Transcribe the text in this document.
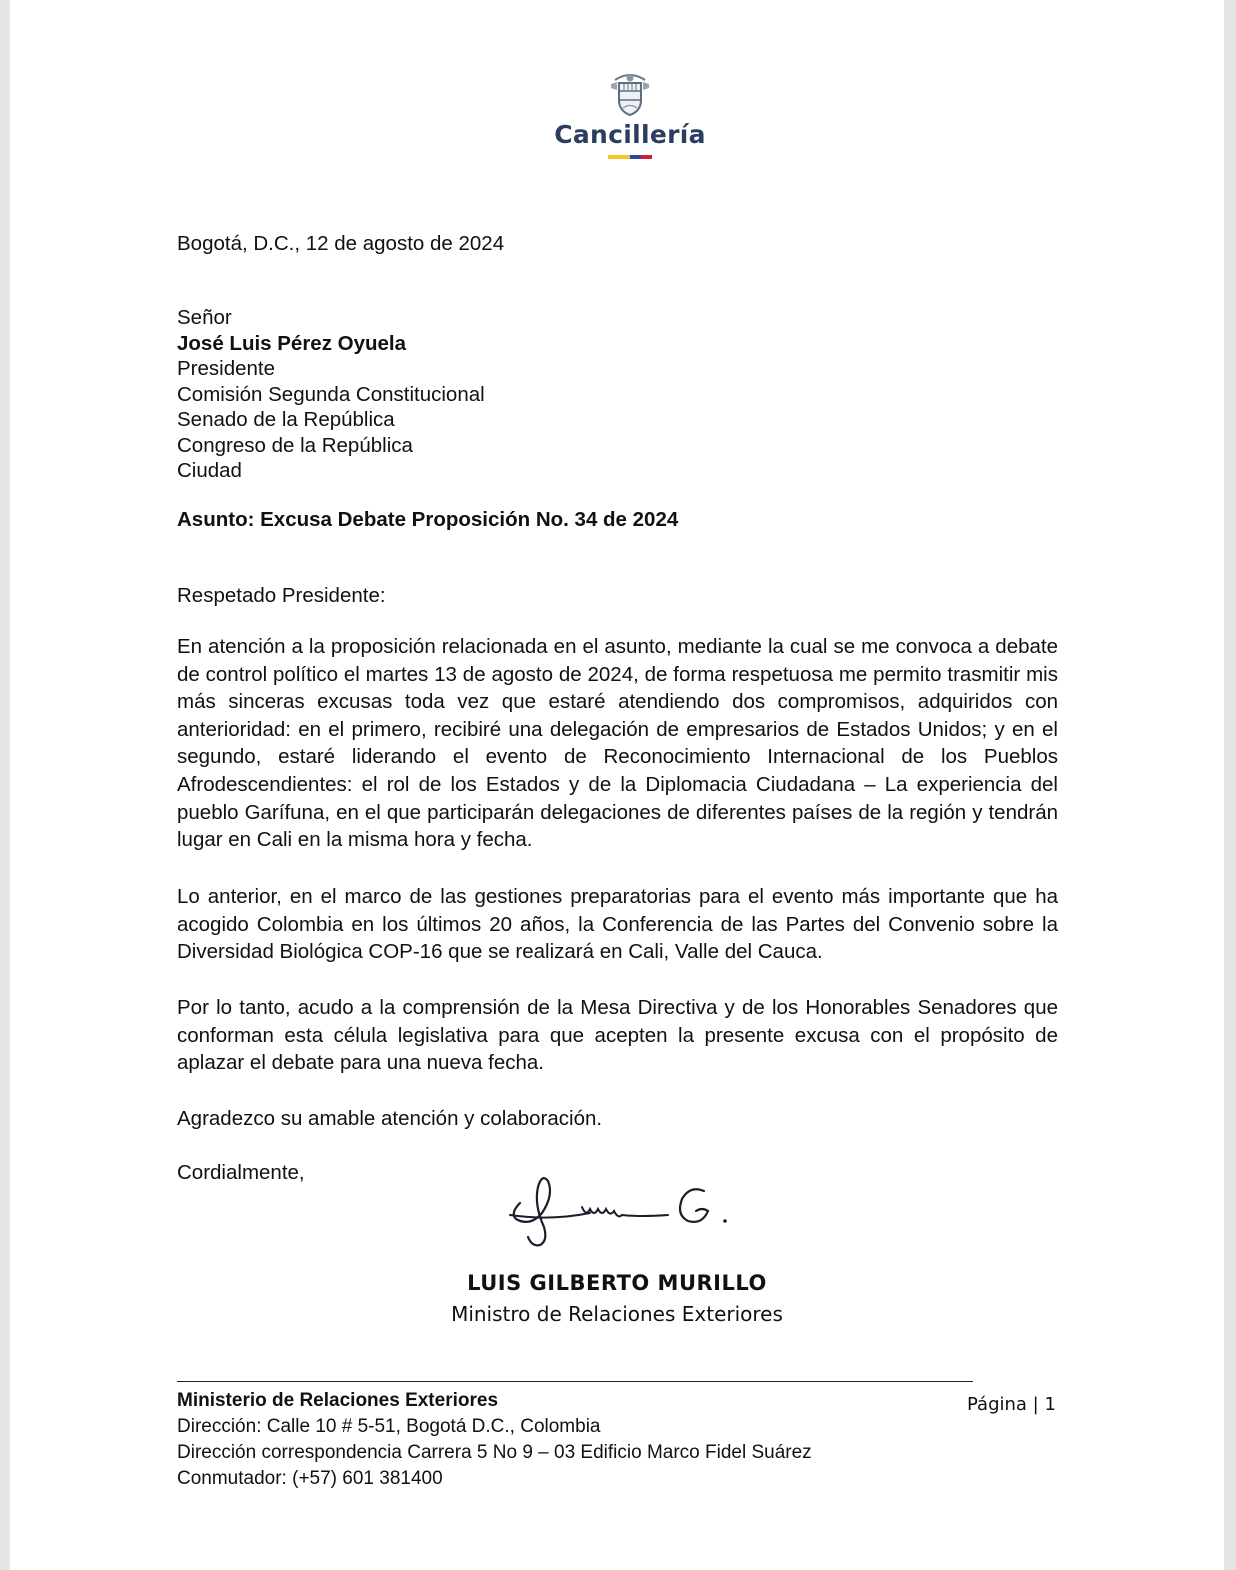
Cancillería
Bogotá, D.C., 12 de agosto de 2024
Señor
José Luis Pérez Oyuela
Presidente
Comisión Segunda Constitucional
Senado de la República
Congreso de la República
Ciudad
Asunto: Excusa Debate Proposición No. 34 de 2024
Respetado Presidente:
En atención a la proposición relacionada en el asunto, mediante la cual se me convoca a debate de control político el martes 13 de agosto de 2024, de forma respetuosa me permito trasmitir mis más sinceras excusas toda vez que estaré atendiendo dos compromisos, adquiridos con anterioridad: en el primero, recibiré una delegación de empresarios de Estados Unidos; y en el segundo, estaré liderando el evento de Reconocimiento Internacional de los Pueblos Afrodescendientes: el rol de los Estados y de la Diplomacia Ciudadana – La experiencia del pueblo Garífuna, en el que participarán delegaciones de diferentes países de la región y tendrán lugar en Cali en la misma hora y fecha.
Lo anterior, en el marco de las gestiones preparatorias para el evento más importante que ha acogido Colombia en los últimos 20 años, la Conferencia de las Partes del Convenio sobre la Diversidad Biológica COP-16 que se realizará en Cali, Valle del Cauca.
Por lo tanto, acudo a la comprensión de la Mesa Directiva y de los Honorables Senadores que conforman esta célula legislativa para que acepten la presente excusa con el propósito de aplazar el debate para una nueva fecha.
Agradezco su amable atención y colaboración.
Cordialmente,
LUIS GILBERTO MURILLO
Ministro de Relaciones Exteriores
Ministerio de Relaciones Exteriores
Dirección: Calle 10 # 5-51, Bogotá D.C., Colombia
Dirección correspondencia Carrera 5 No 9 – 03 Edificio Marco Fidel Suárez
Conmutador: (+57) 601 381400
Página | 1
